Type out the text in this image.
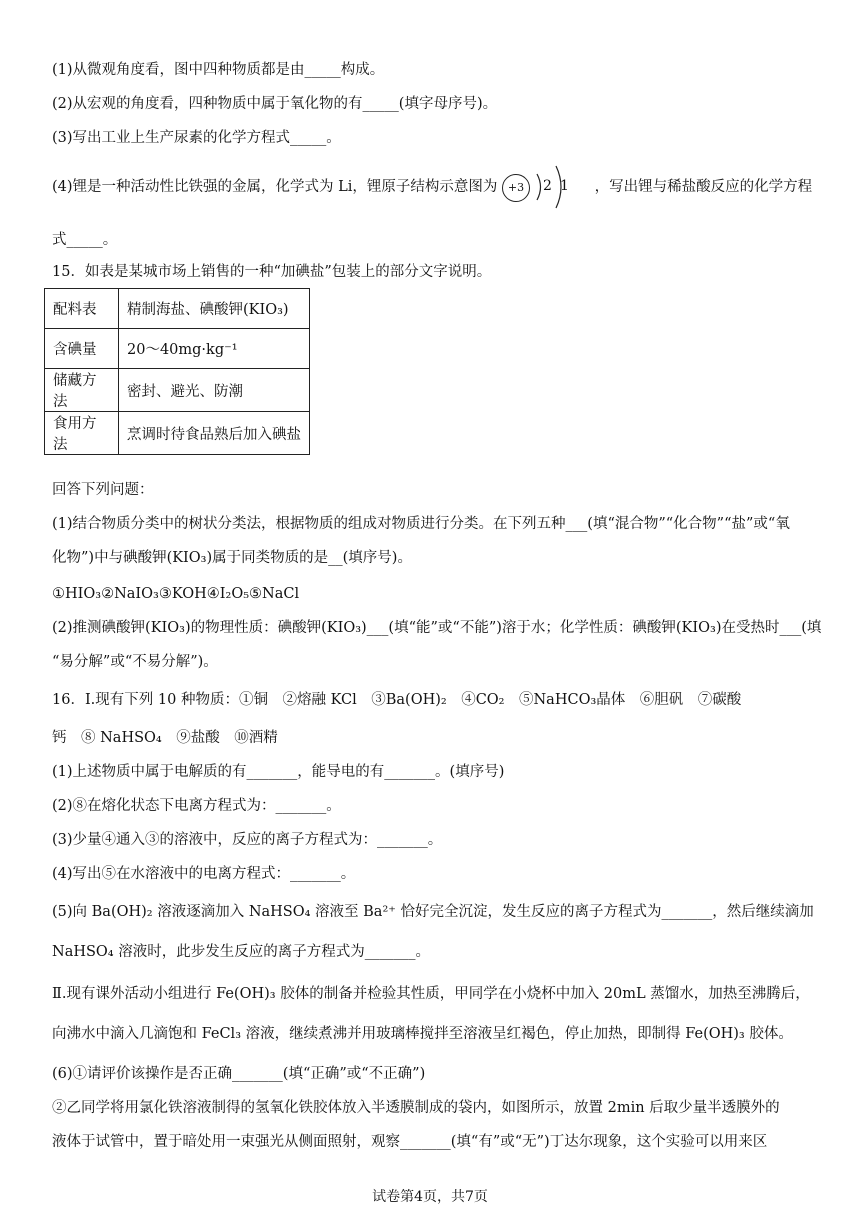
(1)从微观角度看，图中四种物质都是由_____构成。
(2)从宏观的角度看，四种物质中属于氧化物的有_____(填字母序号)。
(3)写出工业上生产尿素的化学方程式_____。
(4)锂是一种活动性比铁强的金属，化学式为 Li，锂原子结构示意图为 +3	2 1 ，写出锂与稀盐酸反应的化学方程
式_____。
15．如表是某城市场上销售的一种“加碘盐”包装上的部分文字说明。
配料表	精制海盐、碘酸钾(KIO₃)
含碘量	20～40mg·kg⁻¹
储藏方法	密封、避光、防潮
食用方法	烹调时待食品熟后加入碘盐
回答下列问题：
(1)结合物质分类中的树状分类法，根据物质的组成对物质进行分类。在下列五种___(填“混合物”“化合物”“盐”或“氧
化物”)中与碘酸钾(KIO₃)属于同类物质的是__(填序号)。
①HIO₃②NaIO₃③KOH④I₂O₅⑤NaCl
(2)推测碘酸钾(KIO₃)的物理性质：碘酸钾(KIO₃)___(填“能”或“不能”)溶于水；化学性质：碘酸钾(KIO₃)在受热时___(填
“易分解”或“不易分解”)。
16．Ⅰ.现有下列 10 种物质：①铜　②熔融 KCl　③Ba(OH)₂　④CO₂　⑤NaHCO₃晶体　⑥胆矾　⑦碳酸
钙　⑧ NaHSO₄　⑨盐酸　⑩酒精
(1)上述物质中属于电解质的有_______，能导电的有_______。(填序号)
(2)⑧在熔化状态下电离方程式为：_______。
(3)少量④通入③的溶液中，反应的离子方程式为：_______。
(4)写出⑤在水溶液中的电离方程式：_______。
(5)向 Ba(OH)₂ 溶液逐滴加入 NaHSO₄ 溶液至 Ba²⁺ 恰好完全沉淀，发生反应的离子方程式为_______，然后继续滴加
NaHSO₄ 溶液时，此步发生反应的离子方程式为_______。
Ⅱ.现有课外活动小组进行 Fe(OH)₃ 胶体的制备并检验其性质，甲同学在小烧杯中加入 20mL 蒸馏水，加热至沸腾后，
向沸水中滴入几滴饱和 FeCl₃ 溶液，继续煮沸并用玻璃棒搅拌至溶液呈红褐色，停止加热，即制得 Fe(OH)₃ 胶体。
(6)①请评价该操作是否正确_______(填“正确”或“不正确”)
②乙同学将用氯化铁溶液制得的氢氧化铁胶体放入半透膜制成的袋内，如图所示，放置 2min 后取少量半透膜外的
液体于试管中，置于暗处用一束强光从侧面照射，观察_______(填“有”或“无”)丁达尔现象，这个实验可以用来区
试卷第4页，共7页
